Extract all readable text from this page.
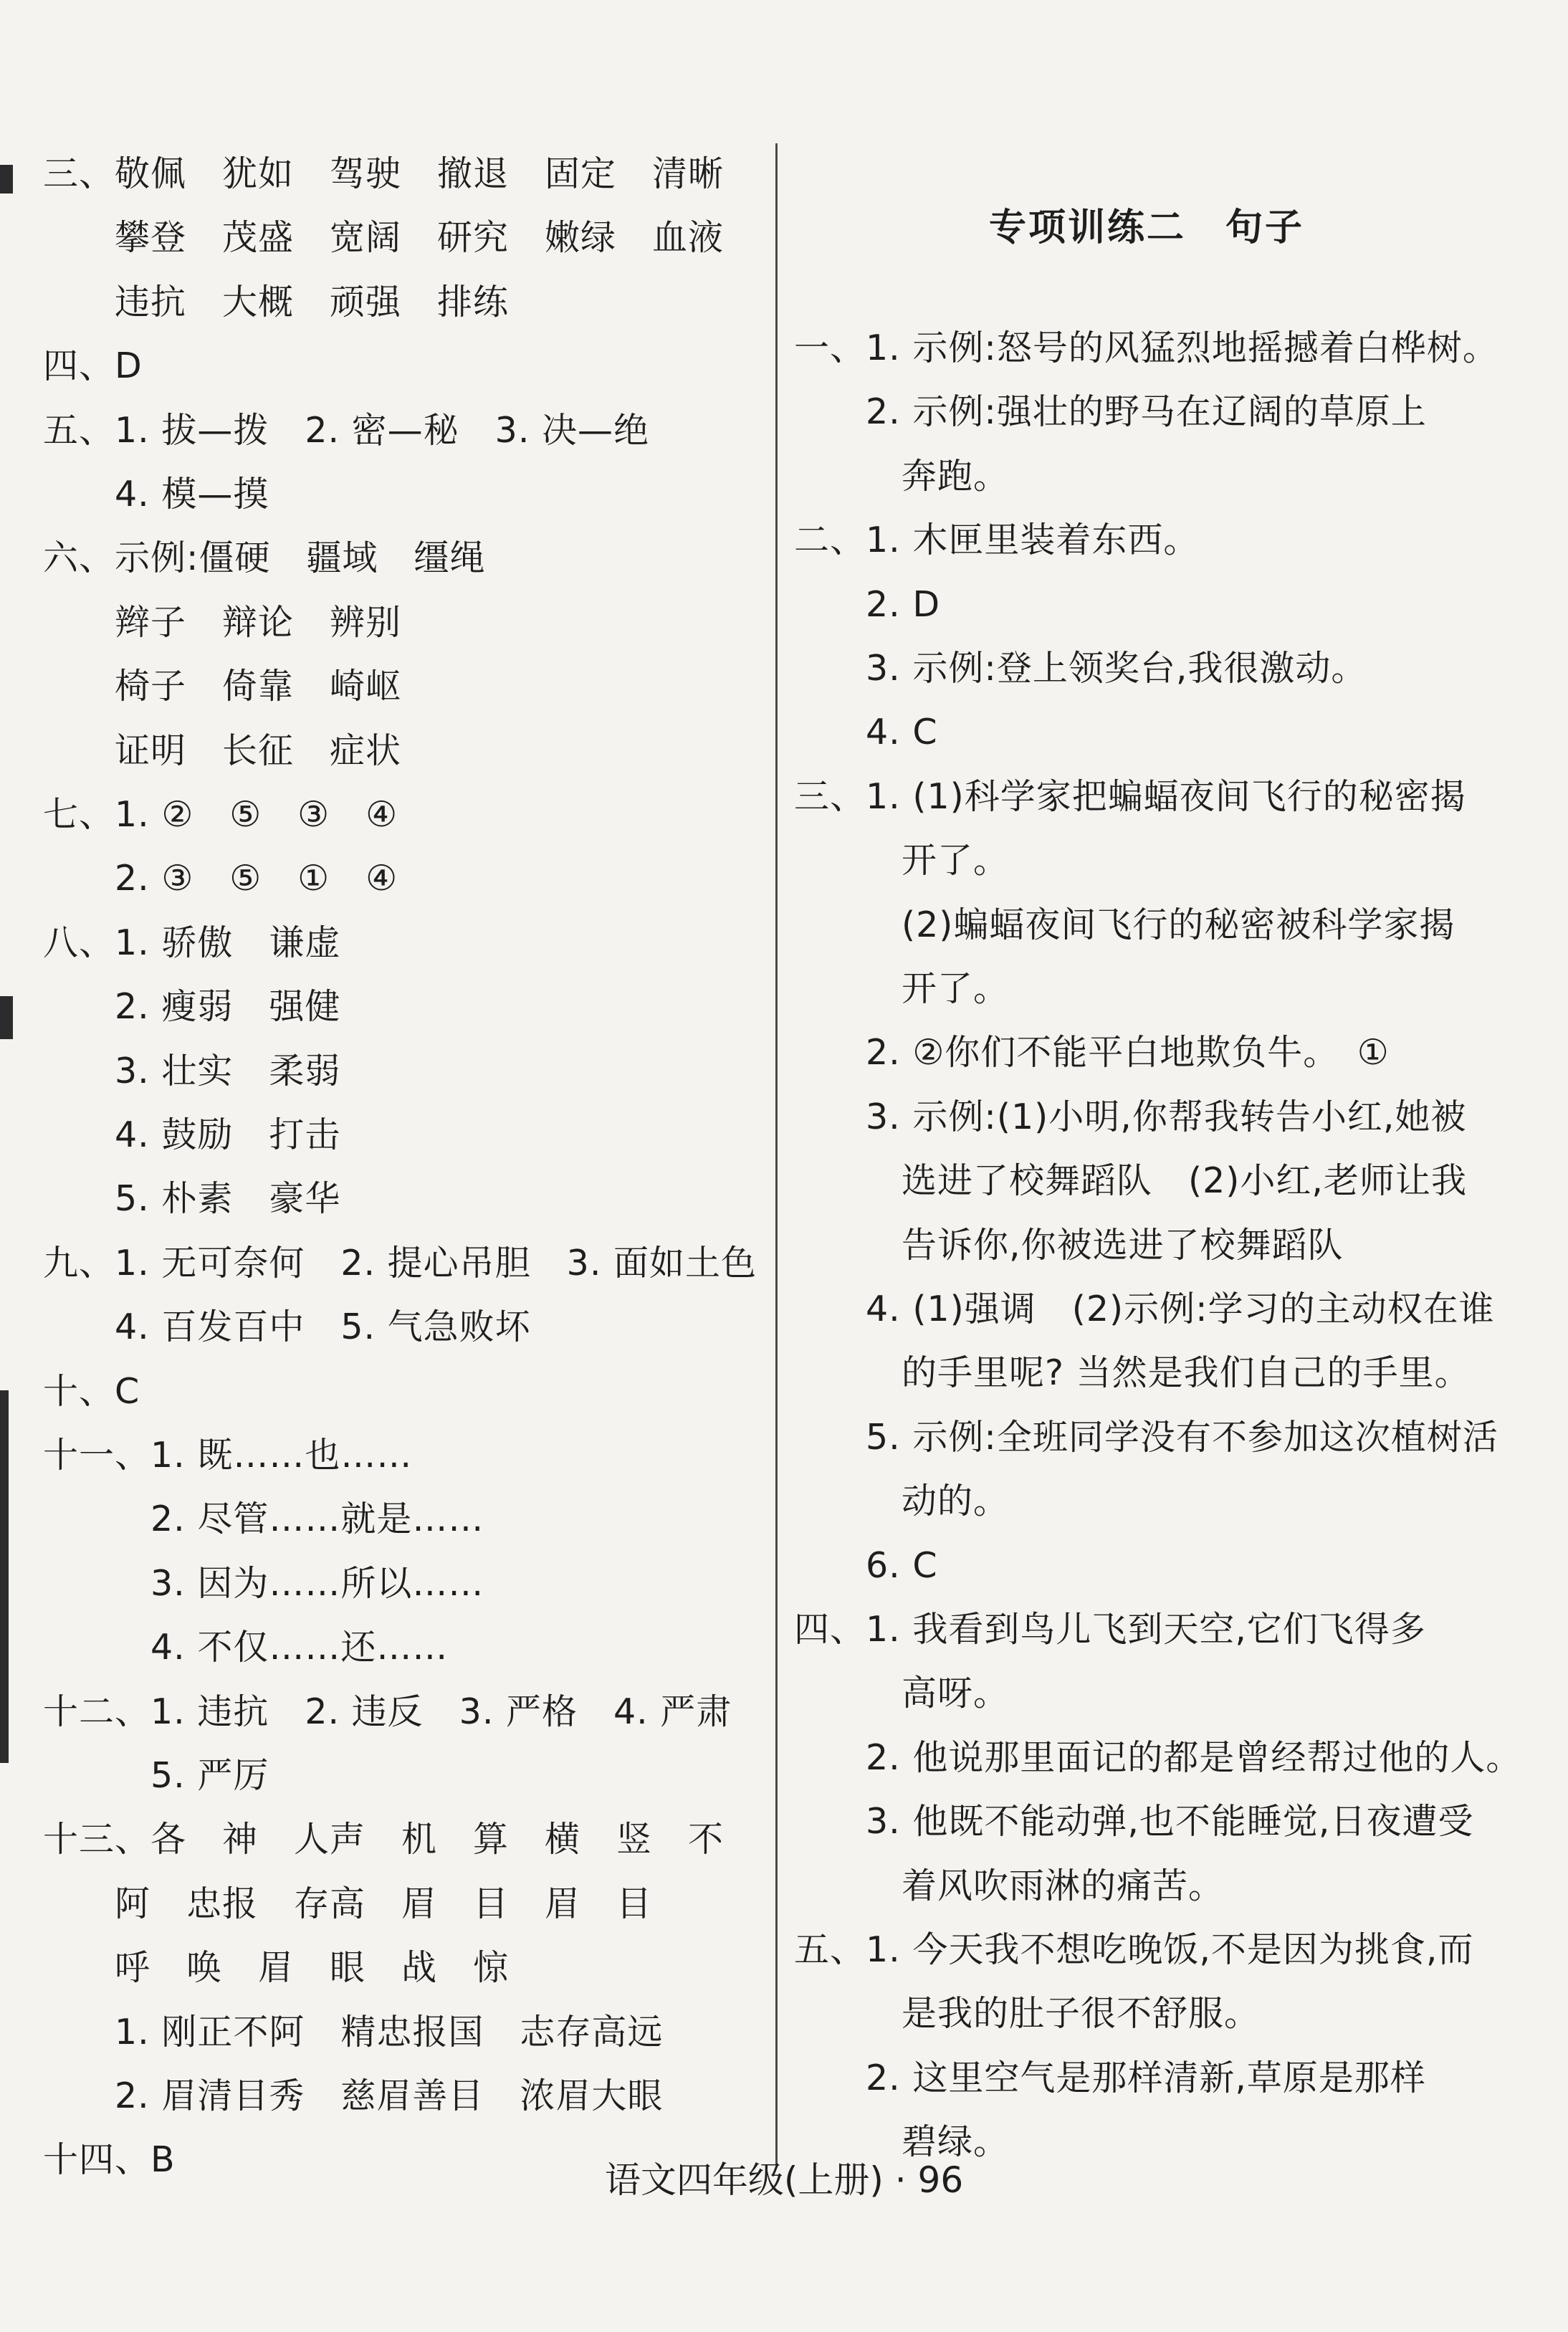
三、敬佩　犹如　驾驶　撤退　固定　清晰
　　攀登　茂盛　宽阔　研究　嫩绿　血液
　　违抗　大概　顽强　排练
四、D
五、1. 拔—拨　2. 密—秘　3. 决—绝
　　4. 模—摸
六、示例:僵硬　疆域　缰绳
　　辫子　辩论　辨别
　　椅子　倚靠　崎岖
　　证明　长征　症状
七、1. ②　⑤　③　④
　　2. ③　⑤　①　④
八、1. 骄傲　谦虚
　　2. 瘦弱　强健
　　3. 壮实　柔弱
　　4. 鼓励　打击
　　5. 朴素　豪华
九、1. 无可奈何　2. 提心吊胆　3. 面如土色
　　4. 百发百中　5. 气急败坏
十、C
十一、1. 既……也……
　　　2. 尽管……就是……
　　　3. 因为……所以……
　　　4. 不仅……还……
十二、1. 违抗　2. 违反　3. 严格　4. 严肃
　　　5. 严厉
十三、各　神　人声　机　算　横　竖　不
　　阿　忠报　存高　眉　目　眉　目
　　呼　唤　眉　眼　战　惊
　　1. 刚正不阿　精忠报国　志存高远
　　2. 眉清目秀　慈眉善目　浓眉大眼
十四、B
专项训练二　句子
一、1. 示例:怒号的风猛烈地摇撼着白桦树。
　　2. 示例:强壮的野马在辽阔的草原上
　　　奔跑。
二、1. 木匣里装着东西。
　　2. D
　　3. 示例:登上领奖台,我很激动。
　　4. C
三、1. (1)科学家把蝙蝠夜间飞行的秘密揭
　　　开了。
　　　(2)蝙蝠夜间飞行的秘密被科学家揭
　　　开了。
　　2. ②你们不能平白地欺负牛。　①
　　3. 示例:(1)小明,你帮我转告小红,她被
　　　选进了校舞蹈队　(2)小红,老师让我
　　　告诉你,你被选进了校舞蹈队
　　4. (1)强调　(2)示例:学习的主动权在谁
　　　的手里呢? 当然是我们自己的手里。
　　5. 示例:全班同学没有不参加这次植树活
　　　动的。
　　6. C
四、1. 我看到鸟儿飞到天空,它们飞得多
　　　高呀。
　　2. 他说那里面记的都是曾经帮过他的人。
　　3. 他既不能动弹,也不能睡觉,日夜遭受
　　　着风吹雨淋的痛苦。
五、1. 今天我不想吃晚饭,不是因为挑食,而
　　　是我的肚子很不舒服。
　　2. 这里空气是那样清新,草原是那样
　　　碧绿。
语文四年级(上册) · 96
